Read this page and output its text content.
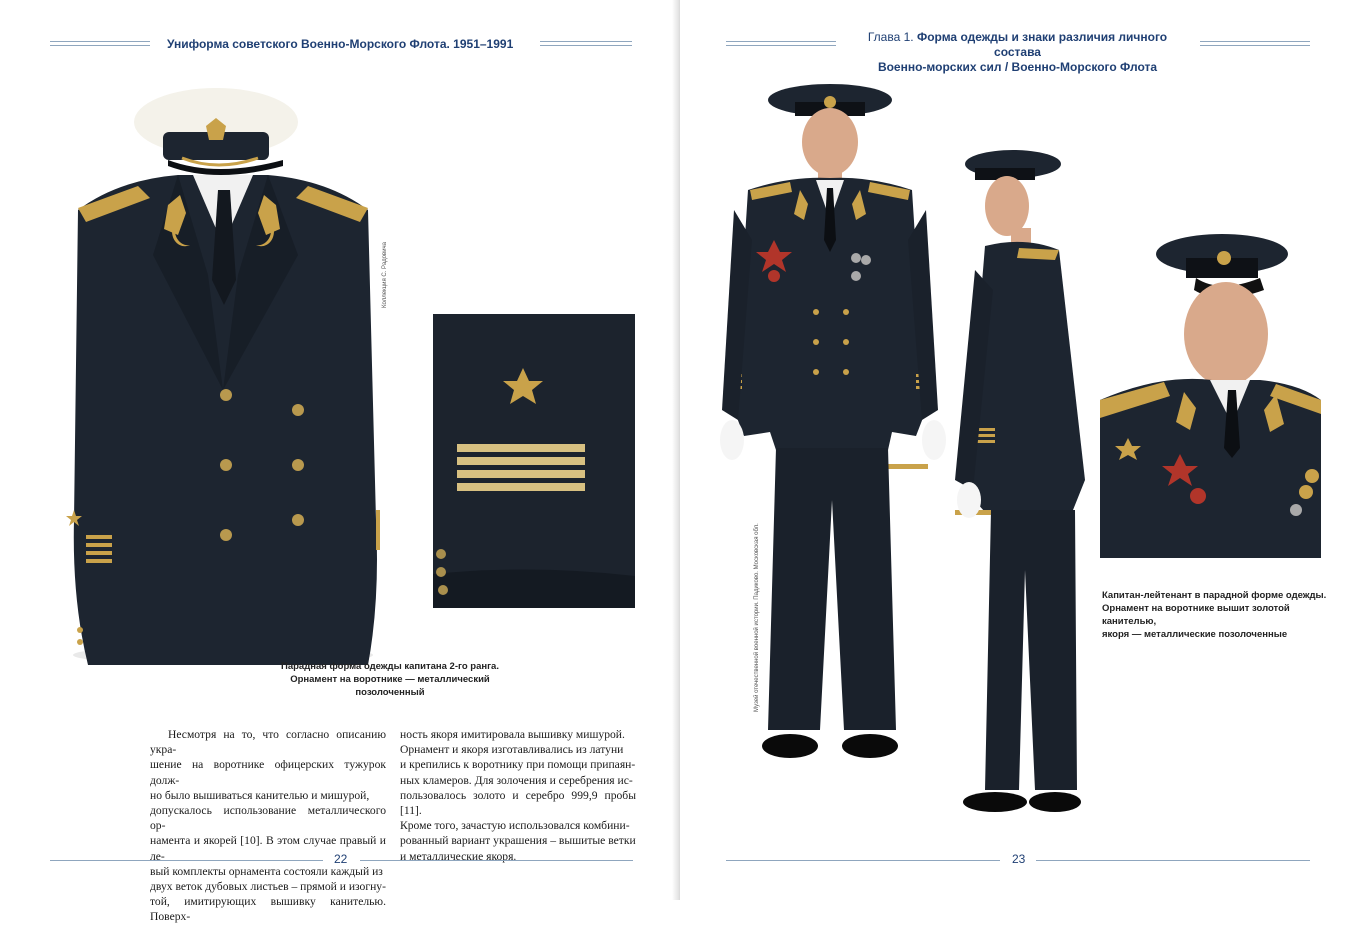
Униформа советского Военно-Морского Флота. 1951–1991
Коллекция С. Радовича
Парадная форма одежды капитана 2-го ранга.
Орнамент на воротнике — металлический позолоченный
Несмотря на то, что согласно описанию укра-
шение на воротнике офицерских тужурок долж-
но было вышиваться канителью и мишурой,
допускалось использование металлического ор-
намента и якорей [10]. В этом случае правый и ле-
вый комплекты орнамента состояли каждый из
двух веток дубовых листьев – прямой и изогну-
той, имитирующих вышивку канителью. Поверх-
ность якоря имитировала вышивку мишурой.
Орнамент и якоря изготавливались из латуни
и крепились к воротнику при помощи припаян-
ных кламеров. Для золочения и серебрения ис-
пользовалось золото и серебро 999,9 пробы [11].
Кроме того, зачастую использовался комбини-
рованный вариант украшения – вышитые ветки
и металлические якоря.
22
Глава 1. Форма одежды и знаки различия личного состава
Военно-морских сил / Военно-Морского Флота
Музей отечественной военной истории. Падиково. Московская обл.	Капитан-лейтенант в парадной форме одежды.
Орнамент на воротнике вышит золотой канителью,
якоря — металлические позолоченные
23
